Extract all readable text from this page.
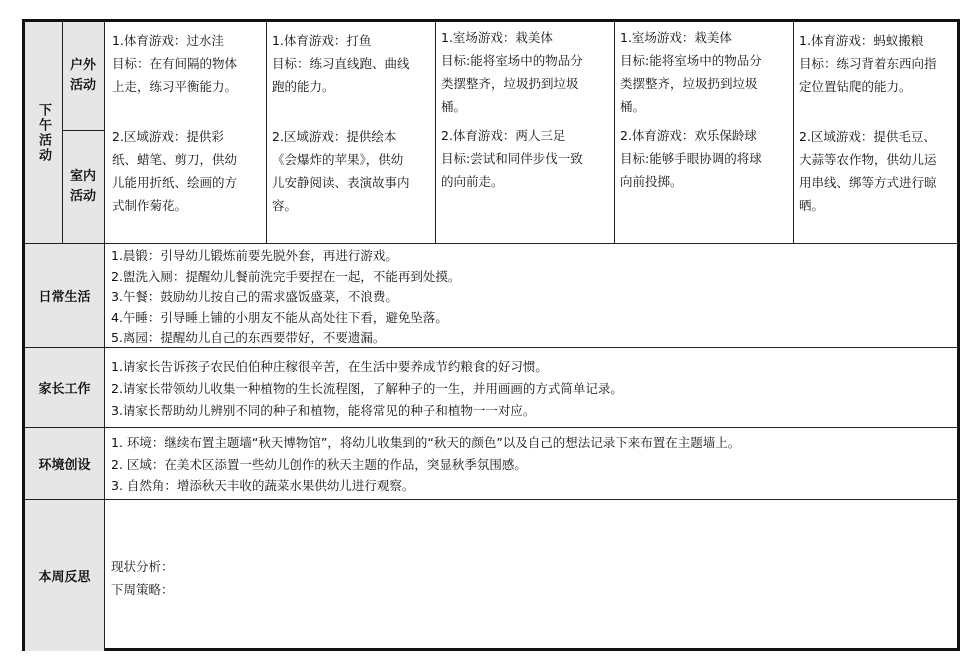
下午活动
户外活动
室内活动
日常生活
家长工作
环境创设
本周反思
1.体育游戏：过水洼
目标：在有间隔的物体
上走，练习平衡能力。
2.区域游戏：提供彩
纸、蜡笔、剪刀，供幼
儿能用折纸、绘画的方
式制作菊花。
1.体育游戏：打鱼
目标：练习直线跑、曲线
跑的能力。
2.区域游戏：提供绘本
《会爆炸的苹果》，供幼
儿安静阅读、表演故事内
容。
1.室场游戏：栽美体
目标:能将室场中的物品分
类摆整齐，垃圾扔到垃圾
桶。
2.体育游戏：两人三足
目标:尝试和同伴步伐一致
的向前走。
1.室场游戏：栽美体
目标:能将室场中的物品分
类摆整齐，垃圾扔到垃圾
桶。
2.体育游戏：欢乐保龄球
目标:能够手眼协调的将球
向前投掷。
1.体育游戏：蚂蚁搬粮
目标：练习背着东西向指
定位置钻爬的能力。
2.区域游戏：提供毛豆、
大蒜等农作物，供幼儿运
用串线、绑等方式进行晾
晒。
1.晨锻：引导幼儿锻炼前要先脱外套，再进行游戏。
2.盥洗入厕：提醒幼儿餐前洗完手要捏在一起，不能再到处摸。
3.午餐：鼓励幼儿按自己的需求盛饭盛菜，不浪费。
4.午睡：引导睡上铺的小朋友不能从高处往下看，避免坠落。
5.离园：提醒幼儿自己的东西要带好，不要遗漏。
1.请家长告诉孩子农民伯伯种庄稼很辛苦，在生活中要养成节约粮食的好习惯。
2.请家长带领幼儿收集一种植物的生长流程图，了解种子的一生，并用画画的方式简单记录。
3.请家长帮助幼儿辨别不同的种子和植物，能将常见的种子和植物一一对应。
1. 环境：继续布置主题墙“秋天博物馆”，将幼儿收集到的“秋天的颜色”以及自己的想法记录下来布置在主题墙上。
2. 区域：在美术区添置一些幼儿创作的秋天主题的作品，突显秋季氛围感。
3. 自然角：增添秋天丰收的蔬菜水果供幼儿进行观察。
现状分析：
下周策略：
